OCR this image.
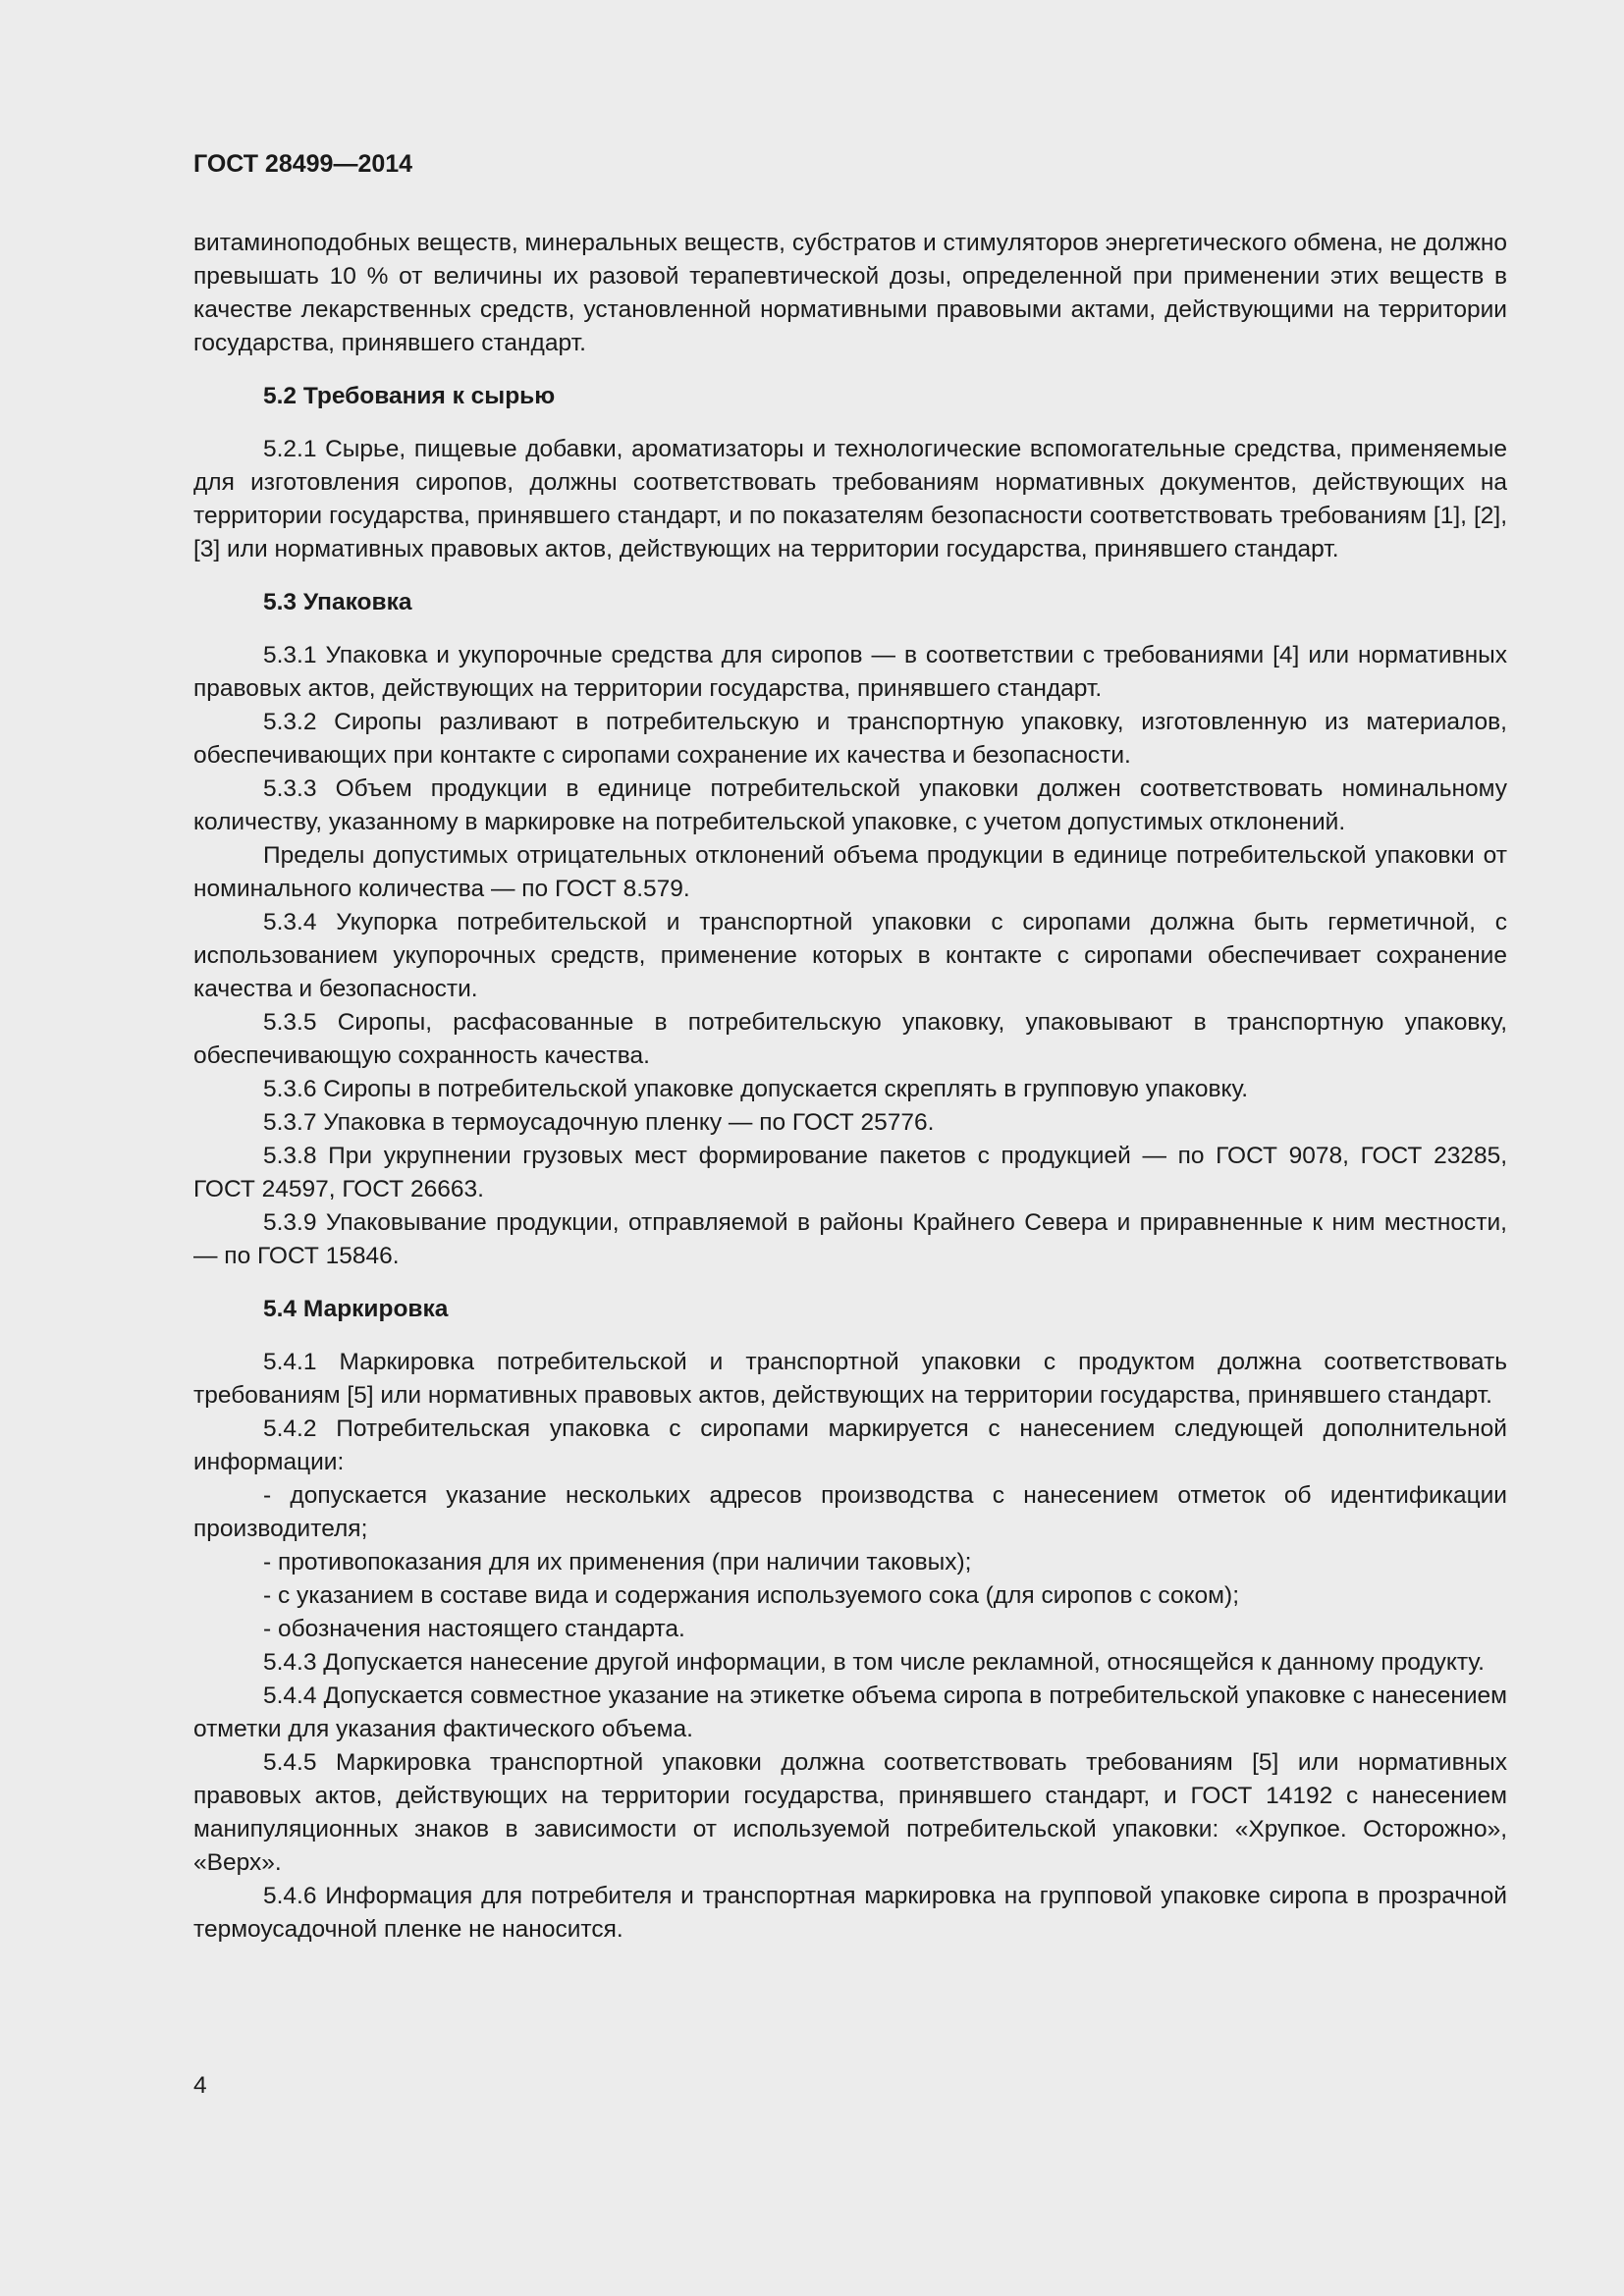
ГОСТ 28499—2014

витаминоподобных веществ, минеральных веществ, субстратов и стимуляторов энергетического обмена, не должно превышать 10 % от величины их разовой терапевтической дозы, определенной при применении этих веществ в качестве лекарственных средств, установленной нормативными правовыми актами, действующими на территории государства, принявшего стандарт.

5.2 Требования к сырью

5.2.1 Сырье, пищевые добавки, ароматизаторы и технологические вспомогательные средства, применяемые для изготовления сиропов, должны соответствовать требованиям нормативных документов, действующих на территории государства, принявшего стандарт, и по показателям безопасности соответствовать требованиям [1], [2], [3] или нормативных правовых актов, действующих на территории государства, принявшего стандарт.

5.3 Упаковка

5.3.1 Упаковка и укупорочные средства для сиропов — в соответствии с требованиями [4] или нормативных правовых актов, действующих на территории государства, принявшего стандарт.

5.3.2 Сиропы разливают в потребительскую и транспортную упаковку, изготовленную из материалов, обеспечивающих при контакте с сиропами сохранение их качества и безопасности.

5.3.3 Объем продукции в единице потребительской упаковки должен соответствовать номинальному количеству, указанному в маркировке на потребительской упаковке, с учетом допустимых отклонений.

Пределы допустимых отрицательных отклонений объема продукции в единице потребительской упаковки от номинального количества — по ГОСТ 8.579.

5.3.4 Укупорка потребительской и транспортной упаковки с сиропами должна быть герметичной, с использованием укупорочных средств, применение которых в контакте с сиропами обеспечивает сохранение качества и безопасности.

5.3.5 Сиропы, расфасованные в потребительскую упаковку, упаковывают в транспортную упаковку, обеспечивающую сохранность качества.

5.3.6 Сиропы в потребительской упаковке допускается скреплять в групповую упаковку.

5.3.7 Упаковка в термоусадочную пленку — по ГОСТ 25776.

5.3.8 При укрупнении грузовых мест формирование пакетов с продукцией — по ГОСТ 9078, ГОСТ 23285, ГОСТ 24597, ГОСТ 26663.

5.3.9 Упаковывание продукции, отправляемой в районы Крайнего Севера и приравненные к ним местности, — по ГОСТ 15846.

5.4 Маркировка

5.4.1 Маркировка потребительской и транспортной упаковки с продуктом должна соответствовать требованиям [5] или нормативных правовых актов, действующих на территории государства, принявшего стандарт.

5.4.2 Потребительская упаковка с сиропами маркируется с нанесением следующей дополнительной информации:

- допускается указание нескольких адресов производства с нанесением отметок об идентификации производителя;

- противопоказания для их применения (при наличии таковых);

- с указанием в составе вида и содержания используемого сока (для сиропов с соком);

- обозначения настоящего стандарта.

5.4.3 Допускается нанесение другой информации, в том числе рекламной, относящейся к данному продукту.

5.4.4 Допускается совместное указание на этикетке объема сиропа в потребительской упаковке с нанесением отметки для указания фактического объема.

5.4.5 Маркировка транспортной упаковки должна соответствовать требованиям [5] или нормативных правовых актов, действующих на территории государства, принявшего стандарт, и ГОСТ 14192 с нанесением манипуляционных знаков в зависимости от используемой потребительской упаковки: «Хрупкое. Осторожно», «Верх».

5.4.6 Информация для потребителя и транспортная маркировка на групповой упаковке сиропа в прозрачной термоусадочной пленке не наносится.

4
